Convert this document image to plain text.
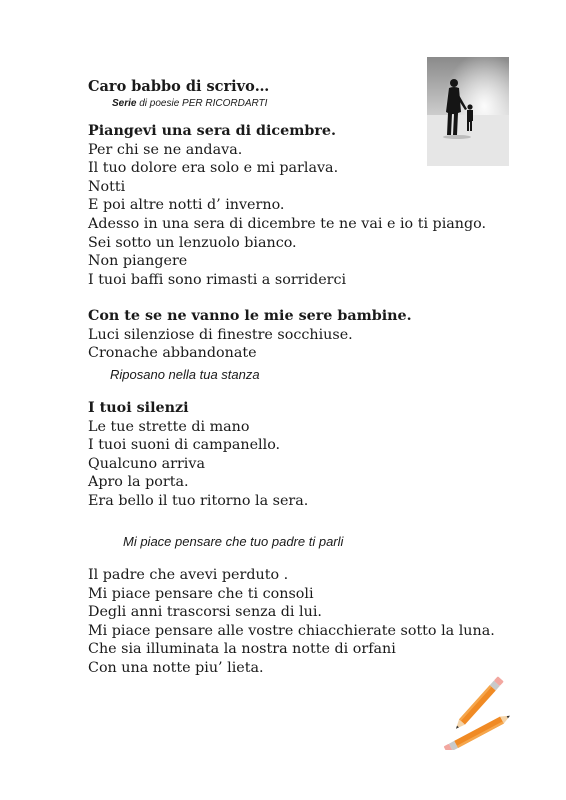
Caro babbo di scrivo…
Serie di poesie PER RICORDARTI
Piangevi una sera di dicembre.
Per chi se ne andava.
Il tuo dolore era solo e mi parlava.
Notti
E poi altre notti d’ inverno.
Adesso in una sera di dicembre te ne vai e io ti piango.
Sei sotto un lenzuolo bianco.
Non piangere
I tuoi baffi sono rimasti a sorriderci
Con te se ne vanno le mie sere bambine.
Luci silenziose di finestre socchiuse.
Cronache abbandonate
Riposano nella tua stanza
I tuoi silenzi
Le tue strette di mano
I tuoi suoni di campanello.
Qualcuno arriva
Apro la porta.
Era bello il tuo ritorno la sera.
Mi piace pensare che tuo padre ti parli
Il padre che avevi perduto .
Mi piace pensare che ti consoli
Degli anni trascorsi senza di lui.
Mi piace pensare alle vostre chiacchierate sotto la luna.
Che sia illuminata la nostra notte di orfani
Con una notte piu’ lieta.
